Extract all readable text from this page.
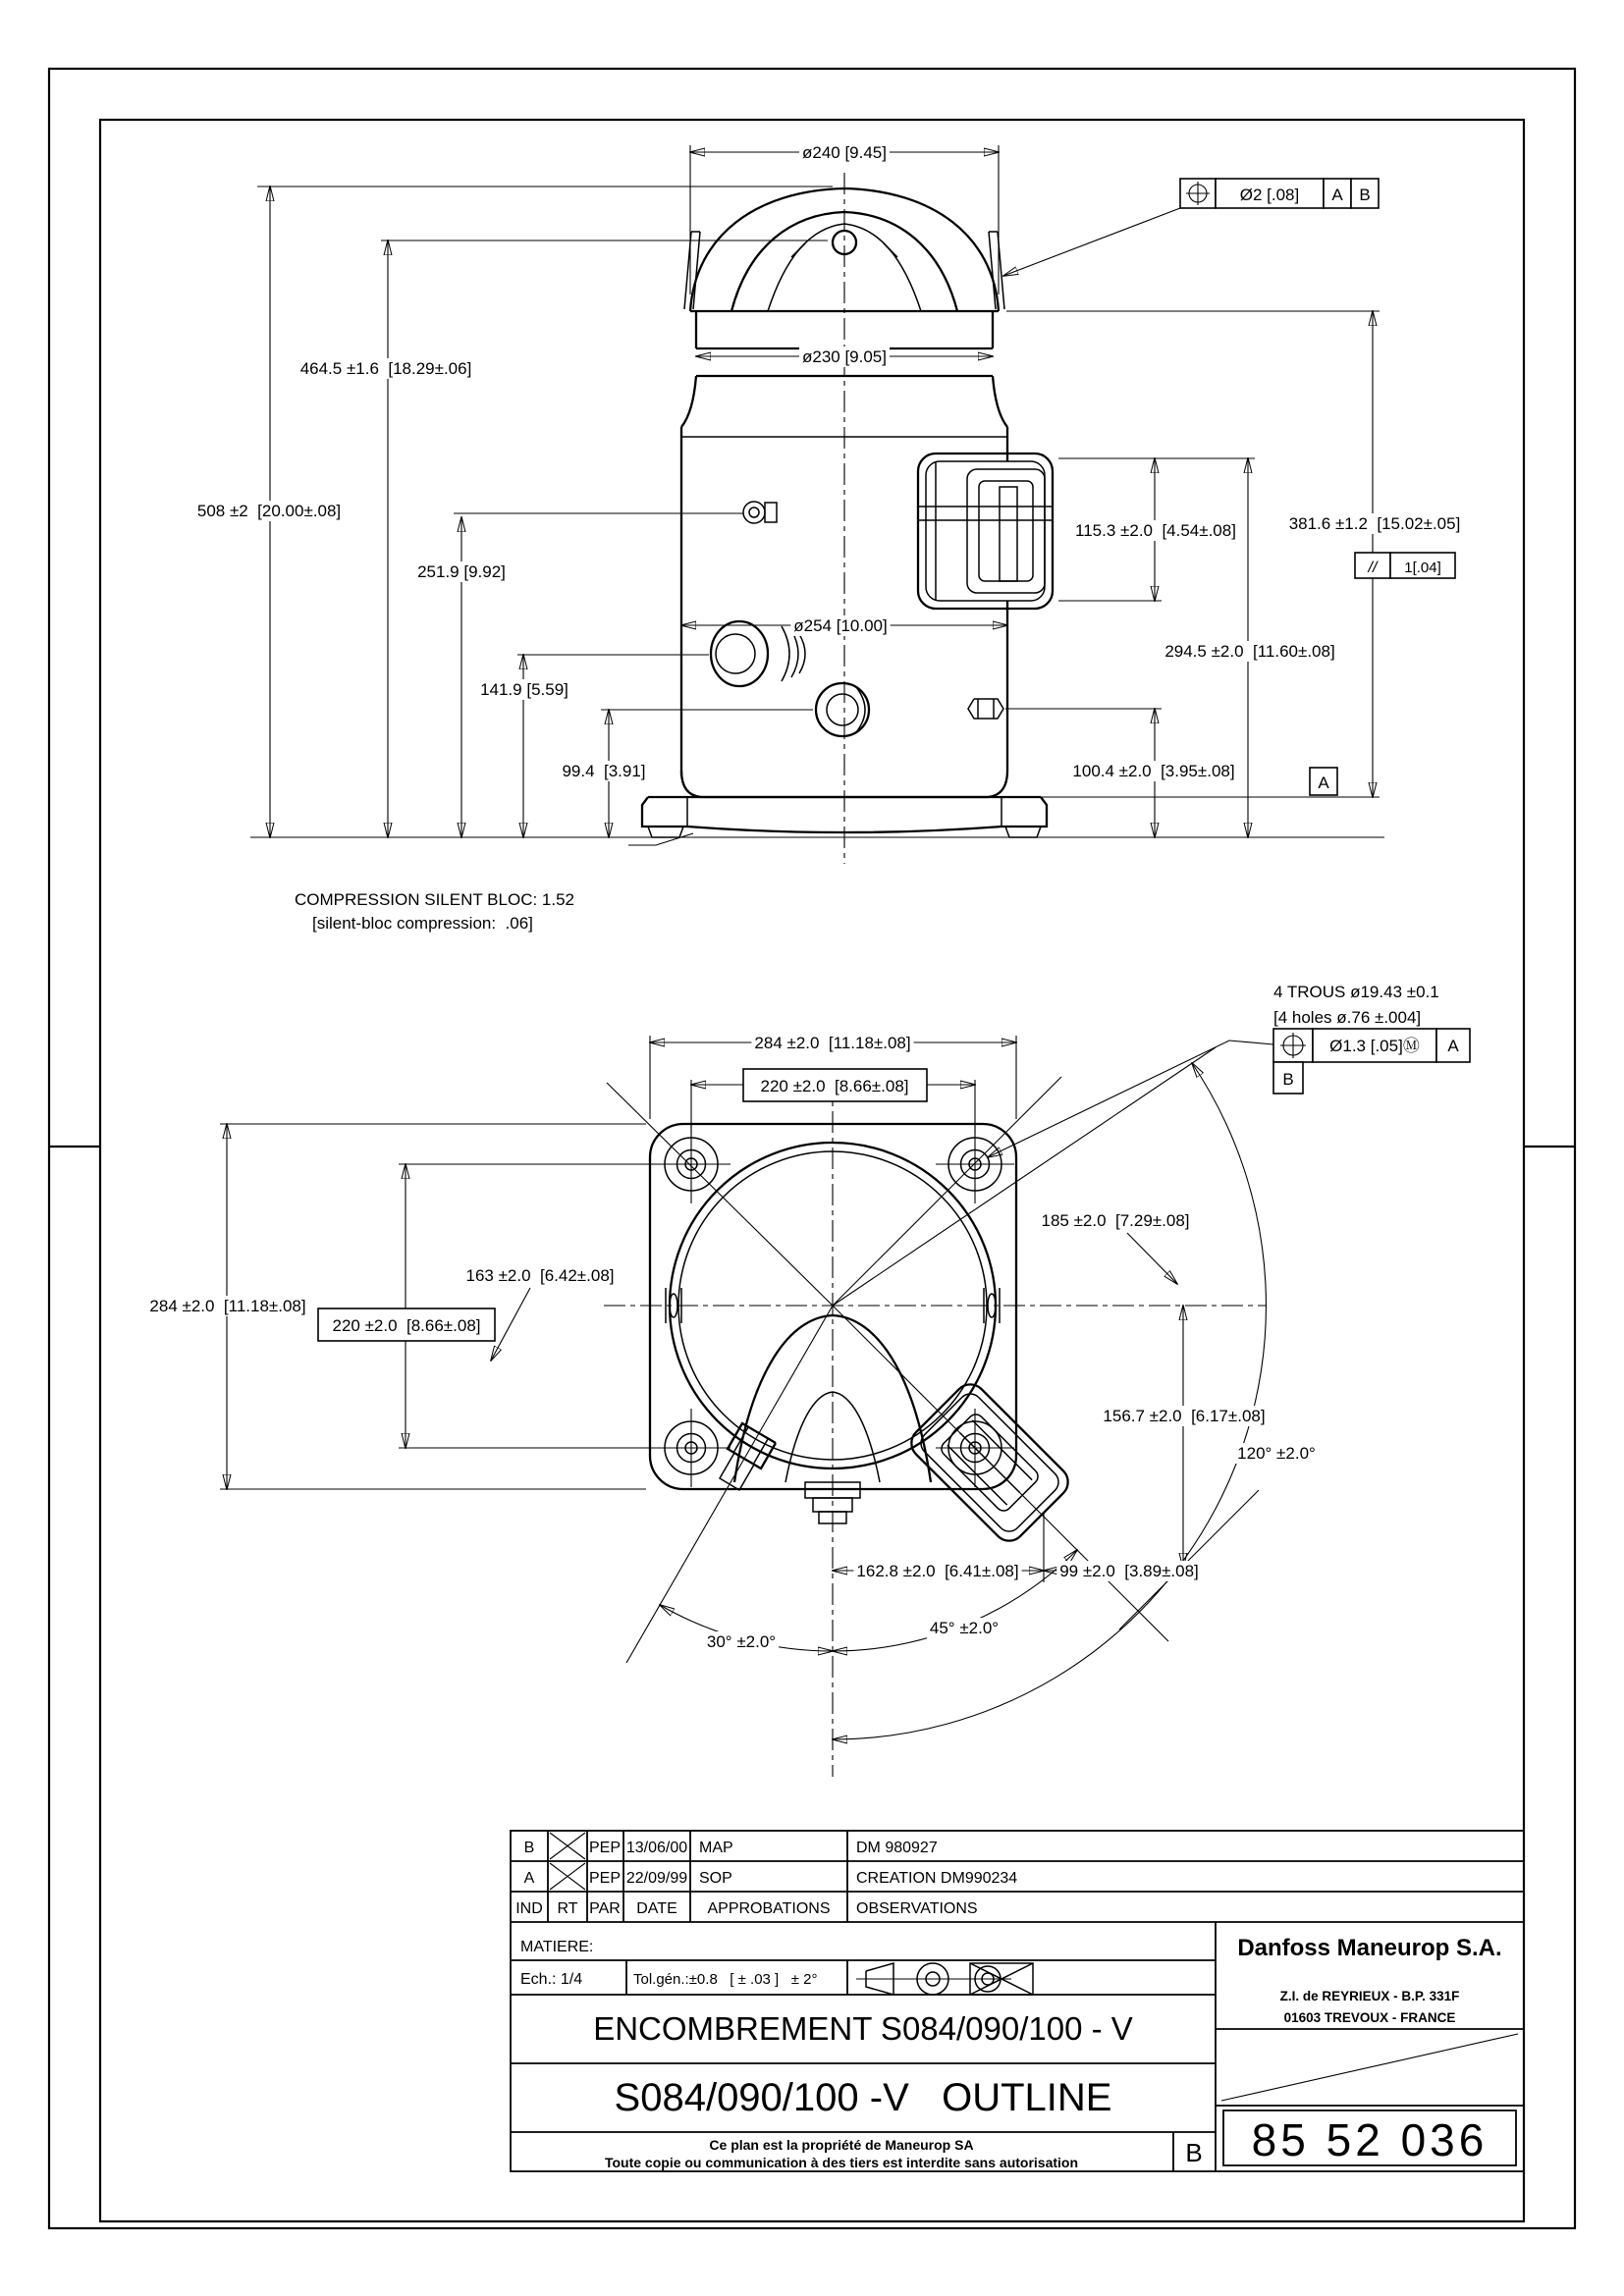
ø240 [9.45]
ø230 [9.05]
ø254 [10.00]
464.5 ±1.6  [18.29±.06]
508 ±2  [20.00±.08]
251.9 [9.92]
141.9 [5.59]
99.4  [3.91]
115.3 ±2.0  [4.54±.08]	381.6 ±1.2  [15.02±.05]
294.5 ±2.0  [11.60±.08]
100.4 ±2.0  [3.95±.08]
COMPRESSION SILENT BLOC: 1.52
[silent-bloc compression:  .06]
A
Ø2 [.08] A B
// 1[.04]
284 ±2.0  [11.18±.08]
220 ±2.0  [8.66±.08]
284 ±2.0  [11.18±.08]
220 ±2.0  [8.66±.08]
163 ±2.0  [6.42±.08]
185 ±2.0  [7.29±.08]
156.7 ±2.0  [6.17±.08]
120° ±2.0°
162.8 ±2.0  [6.41±.08] 99 ±2.0  [3.89±.08]
30° ±2.0°
45° ±2.0°
4 TROUS ø19.43 ±0.1
[4 holes ø.76 ±.004]
Ø1.3 [.05]Ⓜ A
B
B	PEP 13/06/00 MAP	DM 980927
A	PEP 22/09/99 SOP	CREATION DM990234
IND RT PAR DATE APPROBATIONS OBSERVATIONS
MATIERE:
Ech.: 1/4	Tol.gén.:±0.8   [ ± .03 ]   ± 2°
ENCOMBREMENT S084/090/100 - V
S084/090/100 -V   OUTLINE
Ce plan est la propriété de Maneurop SA
Toute copie ou communication à des tiers est interdite sans autorisation	B
Danfoss Maneurop S.A.
Z.I. de REYRIEUX - B.P. 331F
01603 TREVOUX - FRANCE
85 52 036
